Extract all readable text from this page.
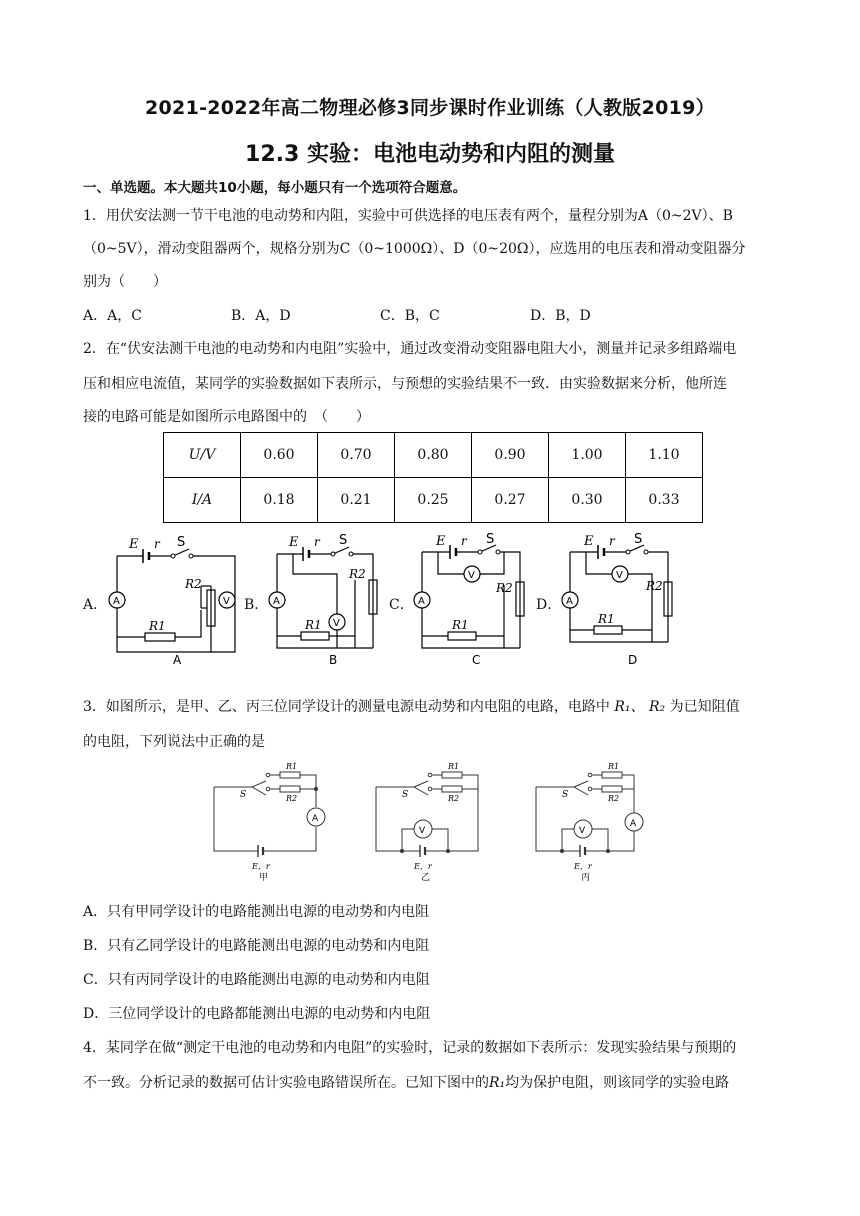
2021-2022年高二物理必修3同步课时作业训练（人教版2019）
12.3 实验：电池电动势和内阻的测量
一、单选题。本大题共10小题，每小题只有一个选项符合题意。
1．用伏安法测一节干电池的电动势和内阻，实验中可供选择的电压表有两个，量程分别为A（0~2V）、B
（0~5V），滑动变阻器两个，规格分别为C（0~1000Ω）、D（0~20Ω），应选用的电压表和滑动变阻器分
别为（　　）
A．A，C	B．A，D	C．B，C	D．B，D
2．在“伏安法测干电池的电动势和内电阻”实验中，通过改变滑动变阻器电阻大小，测量并记录多组路端电
压和相应电流值，某同学的实验数据如下表所示，与预想的实验结果不一致．由实验数据来分析，他所连
接的电路可能是如图所示电路图中的　（　　）
U/V	0.60	0.70	0.80	0.90	1.00	1.10
I/A	0.18	0.21	0.25	0.27	0.30	0.33
A．	B．	C．	D．
A	V
E r S
R2
R1
A
A
V
E r S
R2
R1
B
A
V
E r S
R2
R1
C
A
V
E r S
R2
R1
D
3．如图所示，是甲、乙、丙三位同学设计的测量电源电动势和内电阻的电路，电路中 R₁、 R₂ 为已知阻值
的电阻，下列说法中正确的是
A
R1
R2
S
E，r
甲
V
R1
R2
S
E，r
乙
V
A
R1
R2
S
E，r
丙
A．只有甲同学设计的电路能测出电源的电动势和内电阻
B．只有乙同学设计的电路能测出电源的电动势和内电阻
C．只有丙同学设计的电路能测出电源的电动势和内电阻
D．三位同学设计的电路都能测出电源的电动势和内电阻
4．某同学在做“测定干电池的电动势和内电阻”的实验时，记录的数据如下表所示：发现实验结果与预期的
不一致。分析记录的数据可估计实验电路错误所在。已知下图中的R₁均为保护电阻，则该同学的实验电路
